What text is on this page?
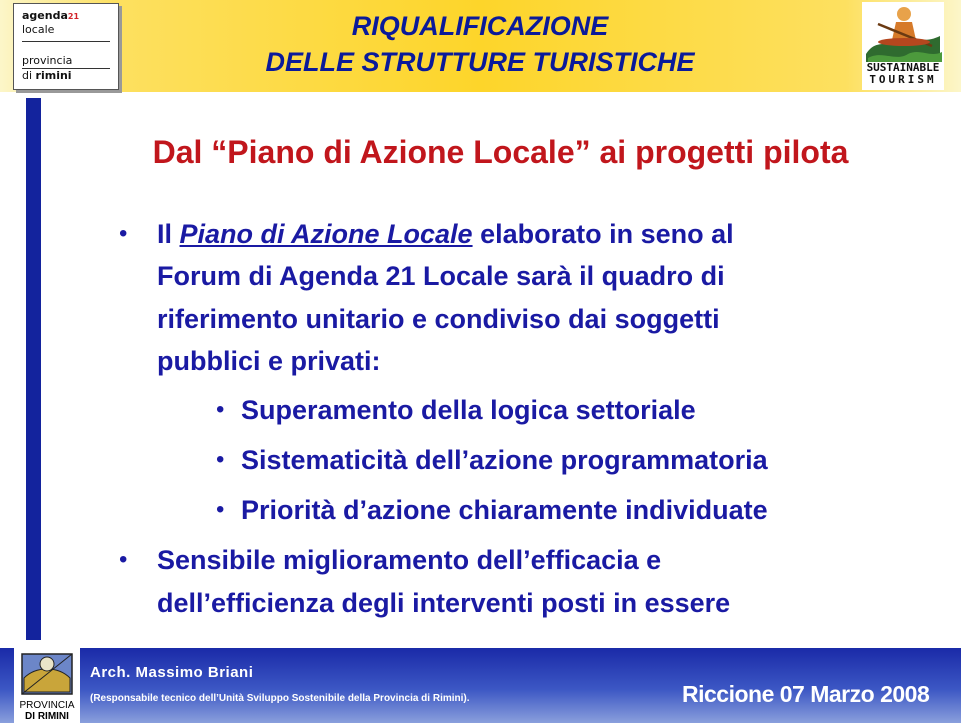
agenda21
locale
provincia
di rimini
RIQUALIFICAZIONE
DELLE STRUTTURE TURISTICHE	SUSTAINABLE
TOURISM
Dal “Piano di Azione Locale” ai progetti pilota
• Il Piano di Azione Locale elaborato in seno al
Forum di Agenda 21 Locale sarà il quadro di
riferimento unitario e condiviso dai soggetti
pubblici e privati:
• Superamento della logica settoriale
• Sistematicità dell’azione programmatoria
• Priorità d’azione chiaramente individuate
• Sensibile miglioramento dell’efficacia e
dell’efficienza degli interventi posti in essere
PROVINCIA
DI RIMINI
Arch. Massimo Briani
(Responsabile tecnico dell’Unità Sviluppo Sostenibile della Provincia di Rimini).	Riccione 07 Marzo 2008
